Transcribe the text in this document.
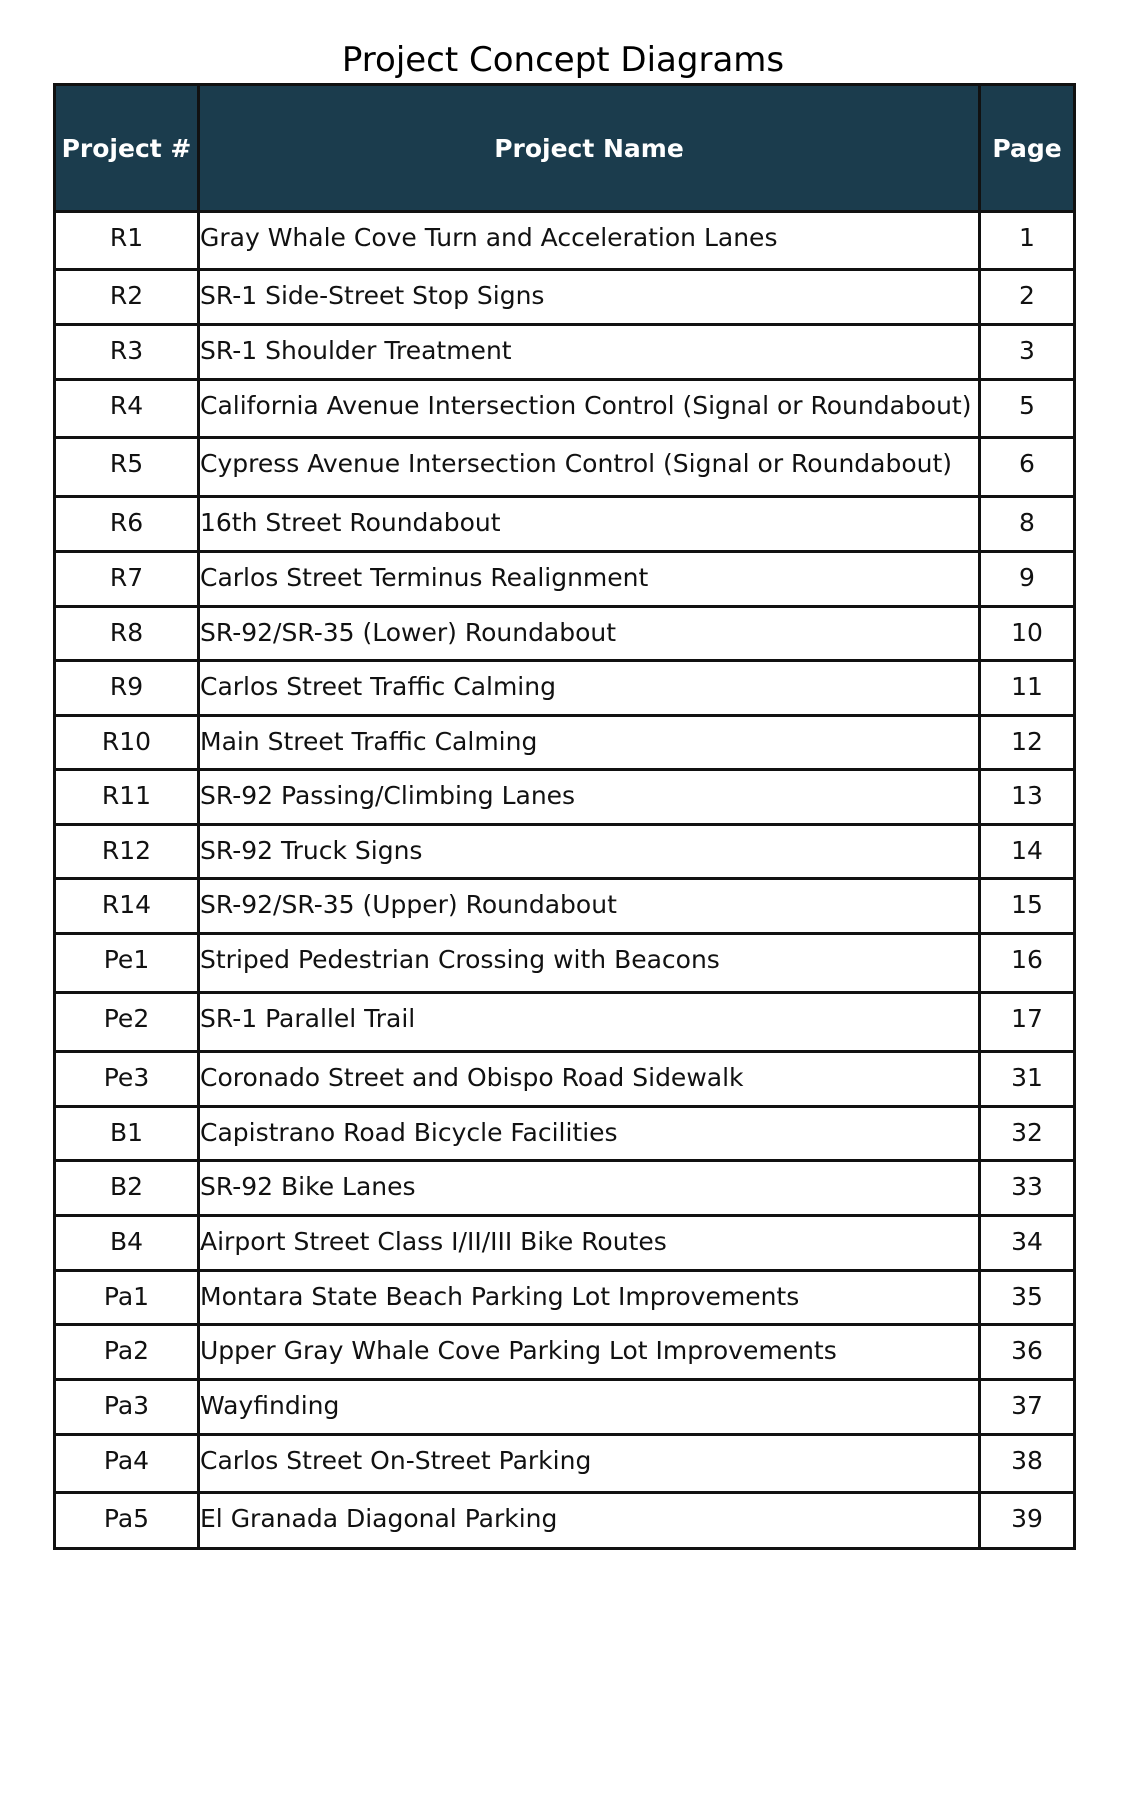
Project Concept Diagrams
Project #	Project Name	Page
R1	Gray Whale Cove Turn and Acceleration Lanes	1
R2	SR-1 Side-Street Stop Signs	2
R3	SR-1 Shoulder Treatment	3
R4	California Avenue Intersection Control (Signal or Roundabout)	5
R5	Cypress Avenue Intersection Control (Signal or Roundabout)	6
R6	16th Street Roundabout	8
R7	Carlos Street Terminus Realignment	9
R8	SR-92/SR-35 (Lower) Roundabout	10
R9	Carlos Street Traffic Calming	11
R10	Main Street Traffic Calming	12
R11	SR-92 Passing/Climbing Lanes	13
R12	SR-92 Truck Signs	14
R14	SR-92/SR-35 (Upper) Roundabout	15
Pe1	Striped Pedestrian Crossing with Beacons	16
Pe2	SR-1 Parallel Trail	17
Pe3	Coronado Street and Obispo Road Sidewalk	31
B1	Capistrano Road Bicycle Facilities	32
B2	SR-92 Bike Lanes	33
B4	Airport Street Class I/II/III Bike Routes	34
Pa1	Montara State Beach Parking Lot Improvements	35
Pa2	Upper Gray Whale Cove Parking Lot Improvements	36
Pa3	Wayfinding	37
Pa4	Carlos Street On-Street Parking	38
Pa5	El Granada Diagonal Parking	39
